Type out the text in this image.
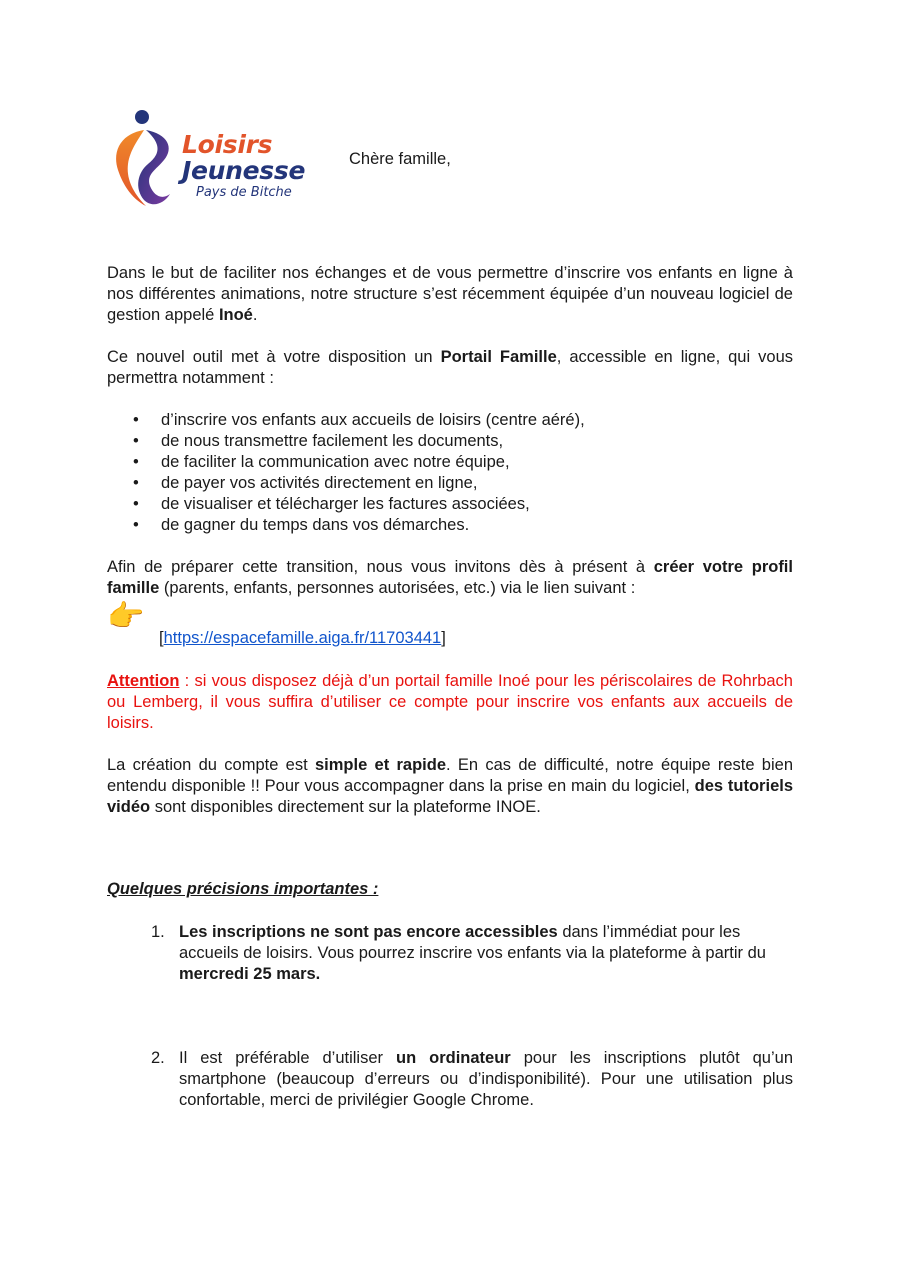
Loisirs
Jeunesse
Pays de Bitche
Chère famille,

Dans le but de faciliter nos échanges et de vous permettre d’inscrire vos enfants en ligne à nos différentes animations, notre structure s’est récemment équipée d’un nouveau logiciel de gestion appelé Inoé.

Ce nouvel outil met à votre disposition un Portail Famille, accessible en ligne, qui vous permettra notamment :

• d’inscrire vos enfants aux accueils de loisirs (centre aéré),
• de nous transmettre facilement les documents,
• de faciliter la communication avec notre équipe,
• de payer vos activités directement en ligne,
• de visualiser et télécharger les factures associées,
• de gagner du temps dans vos démarches.

Afin de préparer cette transition, nous vous invitons dès à présent à créer votre profil famille (parents, enfants, personnes autorisées, etc.) via le lien suivant :

👉
[https://espacefamille.aiga.fr/11703441]

Attention : si vous disposez déjà d’un portail famille Inoé pour les périscolaires de Rohrbach ou Lemberg, il vous suffira d’utiliser ce compte pour inscrire vos enfants aux accueils de loisirs.

La création du compte est simple et rapide. En cas de difficulté, notre équipe reste bien entendu disponible !! Pour vous accompagner dans la prise en main du logiciel, des tutoriels vidéo sont disponibles directement sur la plateforme INOE.

Quelques précisions importantes :
1. Les inscriptions ne sont pas encore accessibles dans l’immédiat pour les accueils de loisirs. Vous pourrez inscrire vos enfants via la plateforme à partir du mercredi 25 mars.
2. Il est préférable d’utiliser un ordinateur pour les inscriptions plutôt qu’un smartphone (beaucoup d’erreurs ou d’indisponibilité). Pour une utilisation plus confortable, merci de privilégier Google Chrome.
